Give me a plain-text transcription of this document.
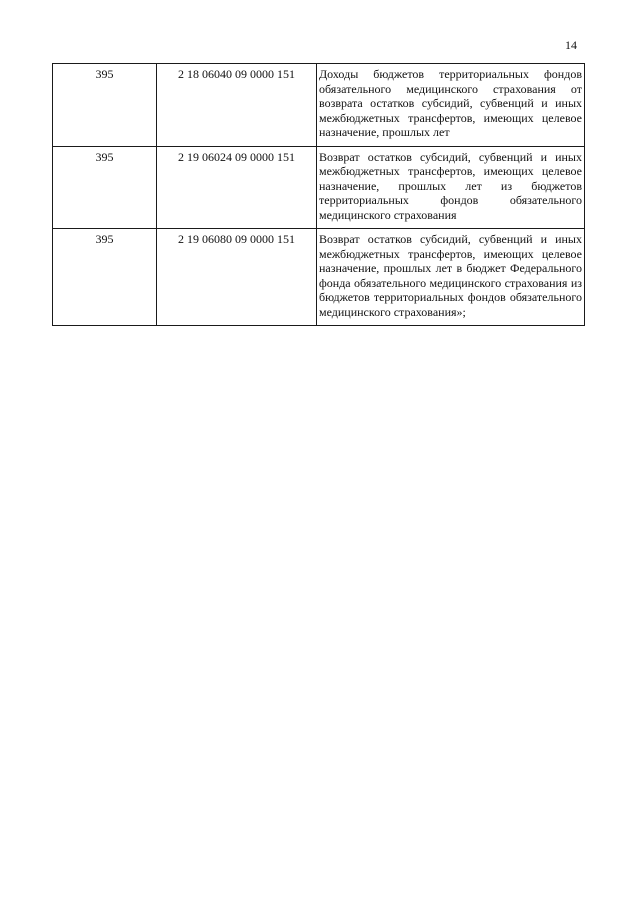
14
395	2 18 06040 09 0000 151	Доходы бюджетов территориальных фондов обязательного медицинского страхования от возврата остатков субсидий, субвенций и иных межбюджетных трансфертов, имеющих целевое назначение, прошлых лет
395	2 19 06024 09 0000 151	Возврат остатков субсидий, субвенций и иных межбюджетных трансфертов, имеющих целевое назначение, прошлых лет из бюджетов территориальных фондов обязательного медицинского страхования
395	2 19 06080 09 0000 151	Возврат остатков субсидий, субвенций и иных межбюджетных трансфертов, имеющих целевое назначение, прошлых лет в бюджет Федерального фонда обязательного медицинского страхования из бюджетов территориальных фондов обязательного медицинского страхования»;
